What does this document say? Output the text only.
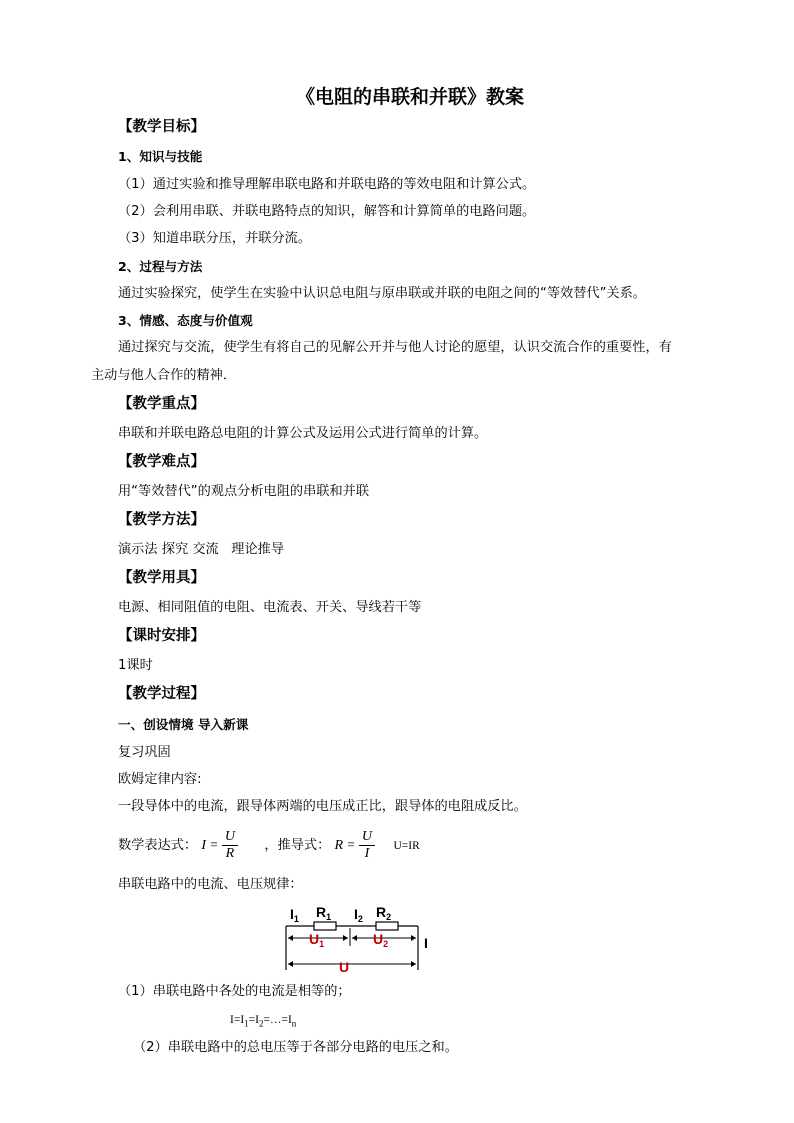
《电阻的串联和并联》教案
【教学目标】
1、知识与技能
（1）通过实验和推导理解串联电路和并联电路的等效电阻和计算公式。
（2）会利用串联、并联电路特点的知识，解答和计算简单的电路问题。
（3）知道串联分压，并联分流。
2、过程与方法
通过实验探究，使学生在实验中认识总电阻与原串联或并联的电阻之间的“等效替代”关系。
3、情感、态度与价值观
通过探究与交流，使学生有将自己的见解公开并与他人讨论的愿望，认识交流合作的重要性，有
主动与他人合作的精神．
【教学重点】
串联和并联电路总电阻的计算公式及运用公式进行简单的计算。
【教学难点】
用“等效替代”的观点分析电阻的串联和并联
【教学方法】
演示法 探究 交流   理论推导
【教学用具】
电源、相同阻值的电阻、电流表、开关、导线若干等
【课时安排】
1课时
【教学过程】
一、创设情境 导入新课
复习巩固
欧姆定律内容:
一段导体中的电流，跟导体两端的电压成正比，跟导体的电阻成反比。
数学表达式： $I = \frac{U}{R}$ ，推导式： $R = \frac{U}{I} U=IR$
串联电路中的电流、电压规律：
$I_1$ $R_1$ $I_2$ $R_2$
$U_1$	$U_2$	I
U
（1）串联电路中各处的电流是相等的；
$I=I_1=I_2=\dots=I_n$
（2）串联电路中的总电压等于各部分电路的电压之和。
